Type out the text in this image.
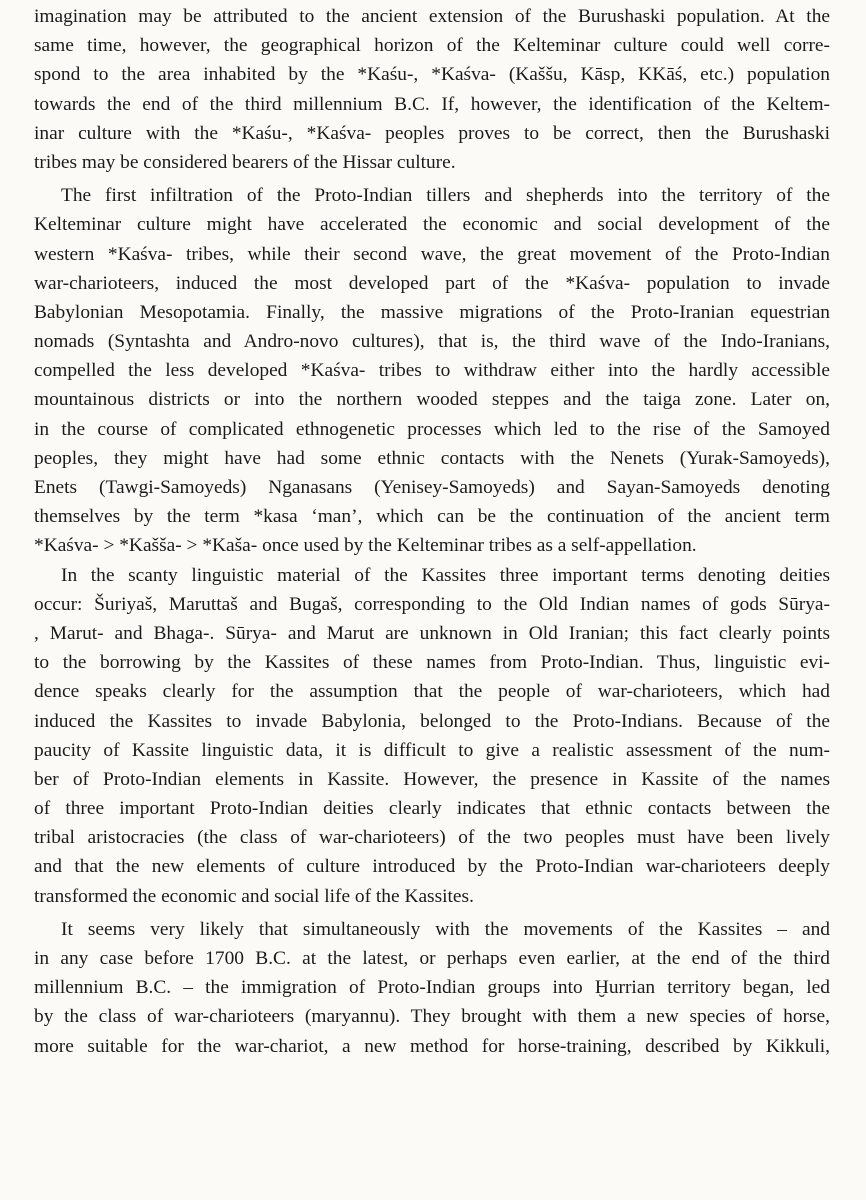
imagination may be attributed to the ancient extension of the Burushaski population. At the
same time, however, the geographical horizon of the Kelteminar culture could well corre-
spond to the area inhabited by the *Kaśu-, *Kaśva- (Kaššu, Kāsp, KKāś, etc.) population
towards the end of the third millennium B.C. If, however, the identification of the Keltem-
inar culture with the *Kaśu-, *Kaśva- peoples proves to be correct, then the Burushaski
tribes may be considered bearers of the Hissar culture.
The first infiltration of the Proto-Indian tillers and shepherds into the territory of the
Kelteminar culture might have accelerated the economic and social development of the
western *Kaśva- tribes, while their second wave, the great movement of the Proto-Indian
war-charioteers, induced the most developed part of the *Kaśva- population to invade
Babylonian Mesopotamia. Finally, the massive migrations of the Proto-Iranian equestrian
nomads (Syntashta and Andro-novo cultures), that is, the third wave of the Indo-Iranians,
compelled the less developed *Kaśva- tribes to withdraw either into the hardly accessible
mountainous districts or into the northern wooded steppes and the taiga zone. Later on,
in the course of complicated ethnogenetic processes which led to the rise of the Samoyed
peoples, they might have had some ethnic contacts with the Nenets (Yurak-Samoyeds),
Enets (Tawgi-Samoyeds) Nganasans (Yenisey-Samoyeds) and Sayan-Samoyeds denoting
themselves by the term *kasa ‘man’, which can be the continuation of the ancient term
*Kaśva- > *Kašša- > *Kaša- once used by the Kelteminar tribes as a self-appellation.
In the scanty linguistic material of the Kassites three important terms denoting deities
occur: Šuriyaš, Maruttaš and Bugaš, corresponding to the Old Indian names of gods Sūrya-
, Marut- and Bhaga-. Sūrya- and Marut are unknown in Old Iranian; this fact clearly points
to the borrowing by the Kassites of these names from Proto-Indian. Thus, linguistic evi-
dence speaks clearly for the assumption that the people of war-charioteers, which had
induced the Kassites to invade Babylonia, belonged to the Proto-Indians. Because of the
paucity of Kassite linguistic data, it is difficult to give a realistic assessment of the num-
ber of Proto-Indian elements in Kassite. However, the presence in Kassite of the names
of three important Proto-Indian deities clearly indicates that ethnic contacts between the
tribal aristocracies (the class of war-charioteers) of the two peoples must have been lively
and that the new elements of culture introduced by the Proto-Indian war-charioteers deeply
transformed the economic and social life of the Kassites.
It seems very likely that simultaneously with the movements of the Kassites – and
in any case before 1700 B.C. at the latest, or perhaps even earlier, at the end of the third
millennium B.C. – the immigration of Proto-Indian groups into Ḫurrian territory began, led
by the class of war-charioteers (maryannu). They brought with them a new species of horse,
more suitable for the war-chariot, a new method for horse-training, described by Kikkuli,
